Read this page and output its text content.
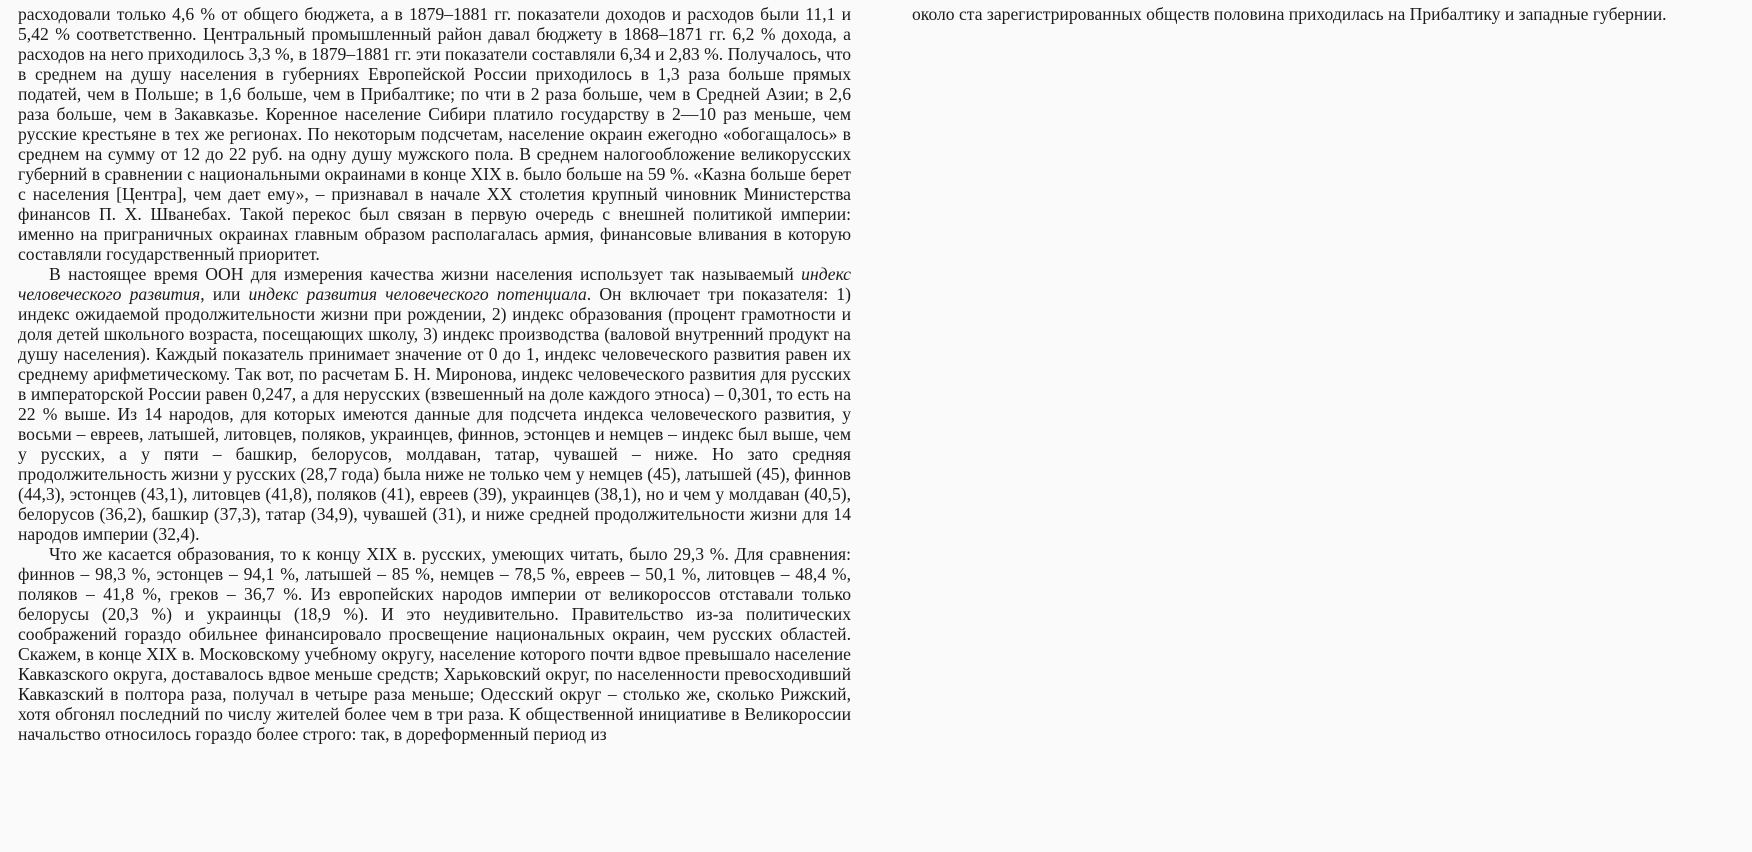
расходовали только 4,6 % от общего бюджета, а в 1879–1881 гг. показатели доходов и расходов были 11,1 и 5,42 % соответственно. Центральный промышленный район давал бюджету в 1868–1871 гг. 6,2 % дохода, а расходов на него приходилось 3,3 %, в 1879–1881 гг. эти показатели составляли 6,34 и 2,83 %. Получалось, что в среднем на душу населения в губерниях Европейской России приходилось в 1,3 раза больше прямых податей, чем в Польше; в 1,6 больше, чем в Прибалтике; по чти в 2 раза больше, чем в Средней Азии; в 2,6 раза больше, чем в Закавказье. Коренное население Сибири платило государству в 2—10 раз меньше, чем русские крестьяне в тех же регионах. По некоторым подсчетам, население окраин ежегодно «обогащалось» в среднем на сумму от 12 до 22 руб. на одну душу мужского пола. В среднем налогообложение великорусских губерний в сравнении с национальными окраинами в конце XIX в. было больше на 59 %. «Казна больше берет с населения [Центра], чем дает ему», – признавал в начале XX столетия крупный чиновник Министерства финансов П. Х. Шванебах. Такой перекос был связан в первую очередь с внешней политикой империи: именно на приграничных окраинах главным образом располагалась армия, финансовые вливания в которую составляли государственный приоритет.

В настоящее время ООН для измерения качества жизни населения использует так называемый индекс человеческого развития, или индекс развития человеческого потенциала. Он включает три показателя: 1) индекс ожидаемой продолжительности жизни при рождении, 2) индекс образования (процент грамотности и доля детей школьного возраста, посещающих школу, 3) индекс производства (валовой внутренний продукт на душу населения). Каждый показатель принимает значение от 0 до 1, индекс человеческого развития равен их среднему арифметическому. Так вот, по расчетам Б. Н. Миронова, индекс человеческого развития для русских в императорской России равен 0,247, а для нерусских (взвешенный на доле каждого этноса) – 0,301, то есть на 22 % выше. Из 14 народов, для которых имеются данные для подсчета индекса человеческого развития, у восьми – евреев, латышей, литовцев, поляков, украинцев, финнов, эстонцев и немцев – индекс был выше, чем у русских, а у пяти – башкир, белорусов, молдаван, татар, чувашей – ниже. Но зато средняя продолжительность жизни у русских (28,7 года) была ниже не только чем у немцев (45), латышей (45), финнов (44,3), эстонцев (43,1), литовцев (41,8), поляков (41), евреев (39), украинцев (38,1), но и чем у молдаван (40,5), белорусов (36,2), башкир (37,3), татар (34,9), чувашей (31), и ниже средней продолжительности жизни для 14 народов империи (32,4).

Что же касается образования, то к концу XIX в. русских, умеющих читать, было 29,3 %. Для сравнения: финнов – 98,3 %, эстонцев – 94,1 %, латышей – 85 %, немцев – 78,5 %, евреев – 50,1 %, литовцев – 48,4 %, поляков – 41,8 %, греков – 36,7 %. Из европейских народов империи от великороссов отставали только белорусы (20,3 %) и украинцы (18,9 %). И это неудивительно. Правительство из-за политических соображений гораздо обильнее финансировало просвещение национальных окраин, чем русских областей. Скажем, в конце XIX в. Московскому учебному округу, население которого почти вдвое превышало население Кавказского округа, доставалось вдвое меньше средств; Харьковский округ, по населенности превосходивший Кавказский в полтора раза, получал в четыре раза меньше; Одесский округ – столько же, сколько Рижский, хотя обгонял последний по числу жителей более чем в три раза. К общественной инициативе в Великороссии начальство относилось гораздо более строго: так, в дореформенный период из

около ста зарегистрированных обществ половина приходилась на Прибалтику и западные губернии.
